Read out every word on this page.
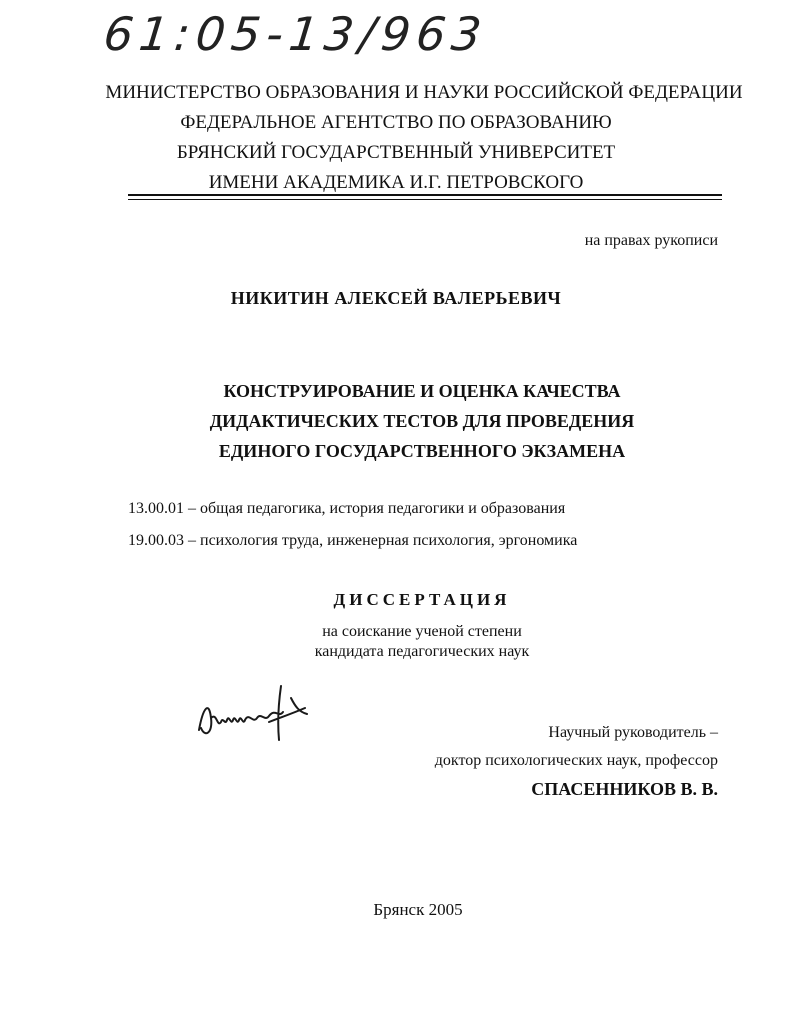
61:05-13/963
МИНИСТЕРСТВО ОБРАЗОВАНИЯ И НАУКИ РОССИЙСКОЙ ФЕДЕРАЦИИ
ФЕДЕРАЛЬНОЕ АГЕНТСТВО ПО ОБРАЗОВАНИЮ
БРЯНСКИЙ ГОСУДАРСТВЕННЫЙ УНИВЕРСИТЕТ
ИМЕНИ АКАДЕМИКА И.Г. ПЕТРОВСКОГО
на правах рукописи
НИКИТИН АЛЕКСЕЙ ВАЛЕРЬЕВИЧ
КОНСТРУИРОВАНИЕ И ОЦЕНКА КАЧЕСТВА
ДИДАКТИЧЕСКИХ ТЕСТОВ ДЛЯ ПРОВЕДЕНИЯ
ЕДИНОГО ГОСУДАРСТВЕННОГО ЭКЗАМЕНА
13.00.01 – общая педагогика, история педагогики и образования
19.00.03 – психология труда, инженерная психология, эргономика
ДИССЕРТАЦИЯ
на соискание ученой степени
кандидата педагогических наук
Научный руководитель –
доктор психологических наук, профессор
СПАСЕННИКОВ В. В.
Брянск 2005
